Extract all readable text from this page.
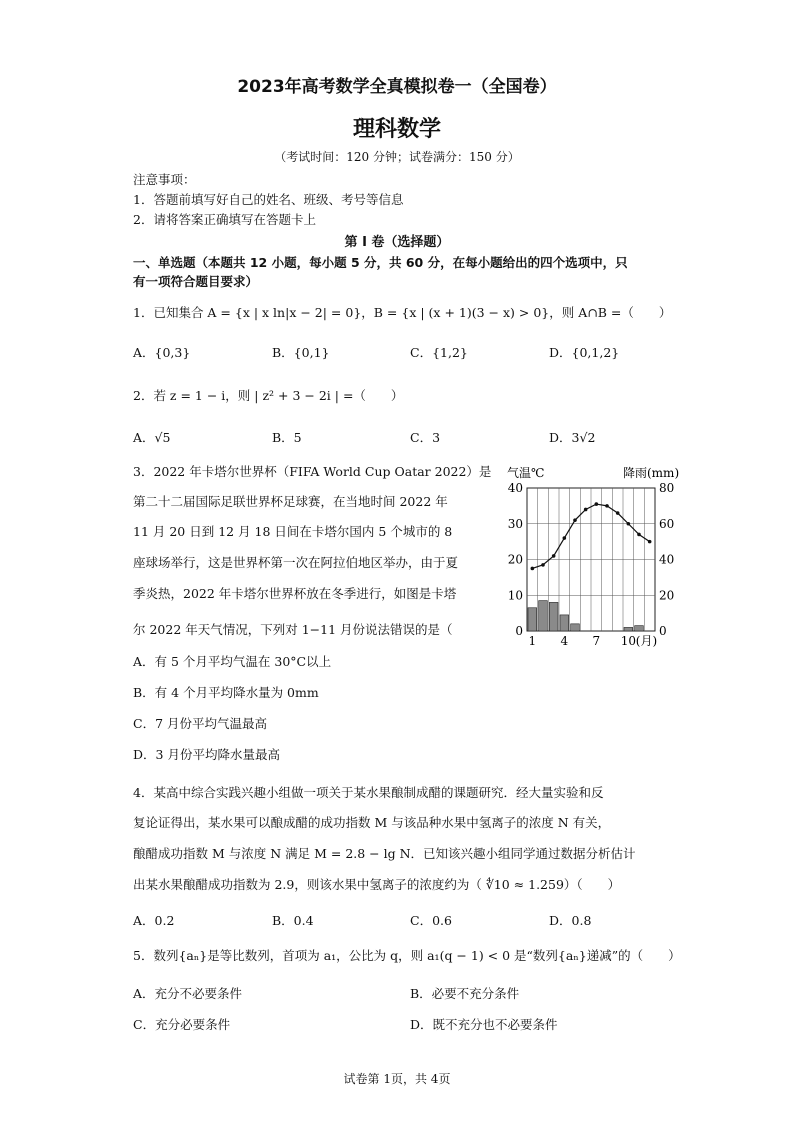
2023年高考数学全真模拟卷一（全国卷）
理科数学
（考试时间：120 分钟；试卷满分：150 分）
注意事项：
1．答题前填写好自己的姓名、班级、考号等信息
2．请将答案正确填写在答题卡上
第 I 卷（选择题）
一、单选题（本题共 12 小题，每小题 5 分，共 60 分，在每小题给出的四个选项中，只
有一项符合题目要求）
1．已知集合 A = {x | x ln|x − 2| = 0}，B = {x | (x + 1)(3 − x) > 0}，则 A∩B =（　　）
A．{0,3}	B．{0,1}	C．{1,2}	D．{0,1,2}
2．若 z = 1 − i，则 | z² + 3 − 2i | =（　　）
A．√5	B．5	C．3	D．3√2
3．2022 年卡塔尔世界杯（FIFA World Cup Oatar 2022）是
第二十二届国际足联世界杯足球赛，在当地时间 2022 年
11 月 20 日到 12 月 18 日间在卡塔尔国内 5 个城市的 8
座球场举行，这是世界杯第一次在阿拉伯地区举办，由于夏
季炎热，2022 年卡塔尔世界杯放在冬季进行，如图是卡塔
尔 2022 年天气情况，下列对 1−11 月份说法错误的是（
A．有 5 个月平均气温在 30°C以上
B．有 4 个月平均降水量为 0mm
C．7 月份平均气温最高
D．3 月份平均降水量最高
气温℃	降雨(mm)
40
30
20
10
0
80
60
40
20
0
1 4 7 10 (月)
4．某高中综合实践兴趣小组做一项关于某水果酿制成醋的课题研究．经大量实验和反
复论证得出，某水果可以酿成醋的成功指数 M 与该品种水果中氢离子的浓度 N 有关，
酿醋成功指数 M 与浓度 N 满足 M = 2.8 − lg N．已知该兴趣小组同学通过数据分析估计
出某水果酿醋成功指数为 2.9，则该水果中氢离子的浓度约为（ ∜10 ≈ 1.259）（　　）
A．0.2	B．0.4	C．0.6	D．0.8
5．数列{aₙ}是等比数列，首项为 a₁，公比为 q，则 a₁(q − 1) < 0 是“数列{aₙ}递减”的（　　）
A．充分不必要条件	B．必要不充分条件
C．充分必要条件	D．既不充分也不必要条件
试卷第 1页，共 4页
